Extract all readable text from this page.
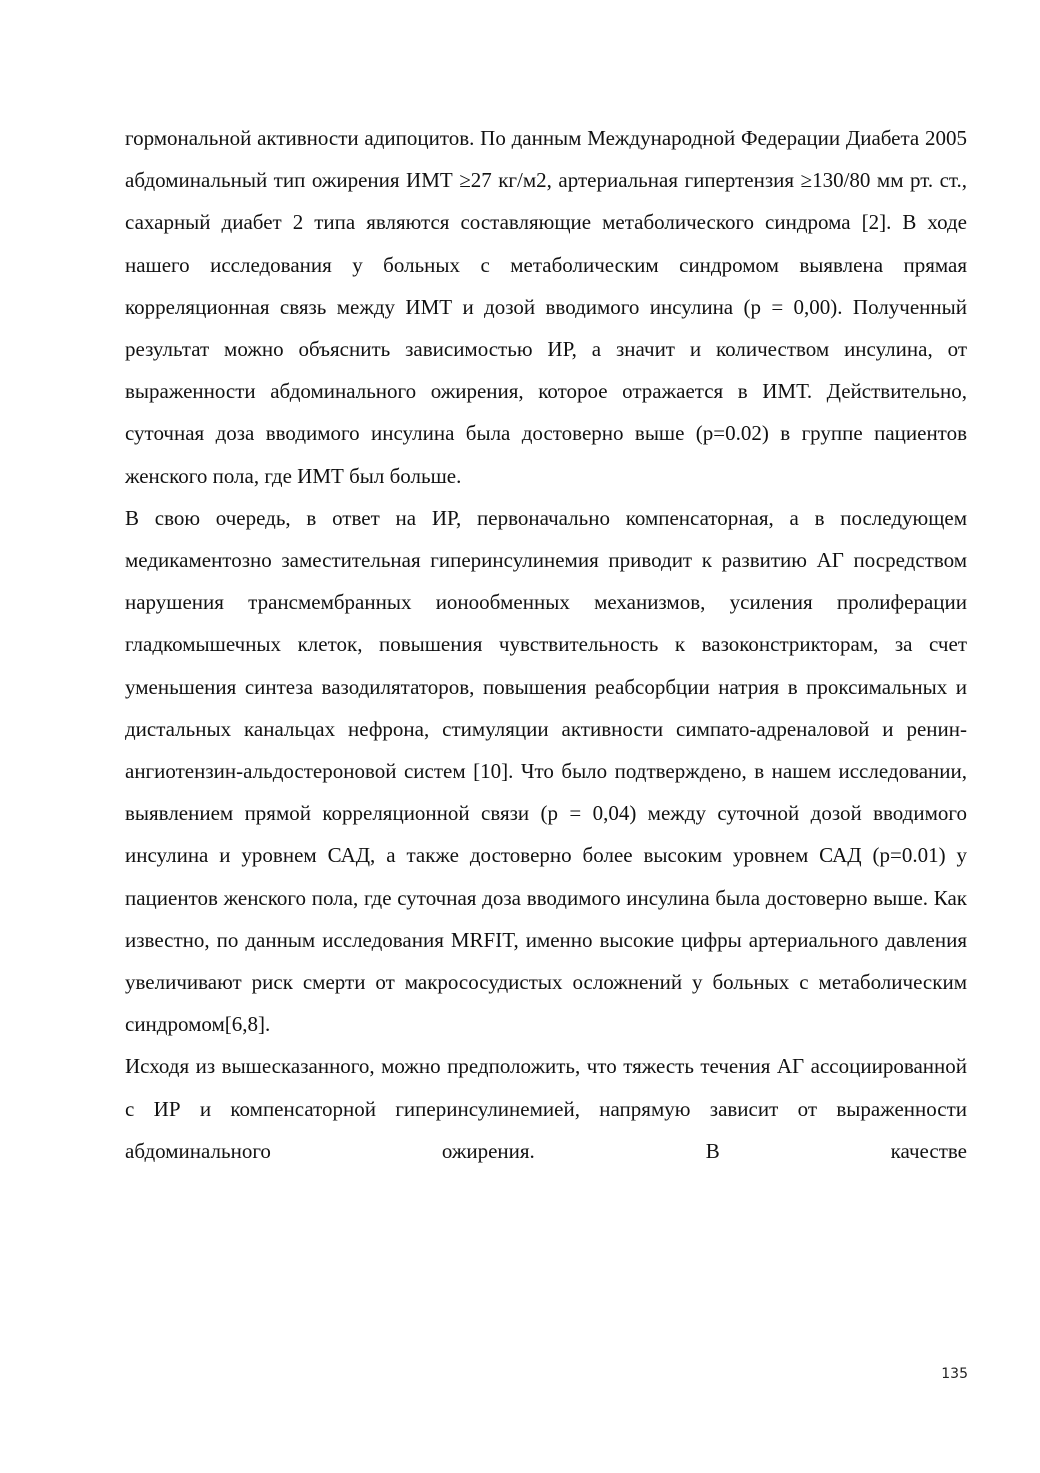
гормональной активности адипоцитов. По данным Международной Федерации Диабета 2005 абдоминальный тип ожирения ИМТ ≥27 кг/м2, артериальная гипертензия ≥130/80 мм рт. ст., сахарный диабет 2 типа являются составляющие метаболического синдрома [2]. В ходе нашего исследования у больных с метаболическим синдромом выявлена прямая корреляционная связь между ИМТ и дозой вводимого инсулина (p = 0,00). Полученный результат можно объяснить зависимостью ИР, а значит и количеством инсулина, от выраженности абдоминального ожирения, которое отражается в ИМТ. Действительно, суточная доза вводимого инсулина была достоверно выше (p=0.02) в группе пациентов женского пола, где ИМТ был больше.

В свою очередь, в ответ на ИР, первоначально компенсаторная, а в последующем медикаментозно заместительная гиперинсулинемия приводит к развитию АГ посредством нарушения трансмембранных ионообменных механизмов, усиления пролиферации гладкомышечных клеток, повышения чувствительность к вазоконстрикторам, за счет уменьшения синтеза вазодилятаторов, повышения реабсорбции натрия в проксимальных и дистальных канальцах нефрона, стимуляции активности симпато-адреналовой и ренин-ангиотензин-альдостероновой систем [10]. Что было подтверждено, в нашем исследовании, выявлением прямой корреляционной связи (p = 0,04) между суточной дозой вводимого инсулина и уровнем САД, а также достоверно более высоким уровнем САД (p=0.01) у пациентов женского пола, где суточная доза вводимого инсулина была достоверно выше. Как известно, по данным исследования MRFIT, именно высокие цифры артериального давления увеличивают риск смерти от макрососудистых осложнений у больных с метаболическим синдромом[6,8].

Исходя из вышесказанного, можно предположить, что тяжесть течения АГ ассоциированной с ИР и компенсаторной гиперинсулинемией, напрямую зависит от выраженности абдоминального ожирения. В качестве

135
